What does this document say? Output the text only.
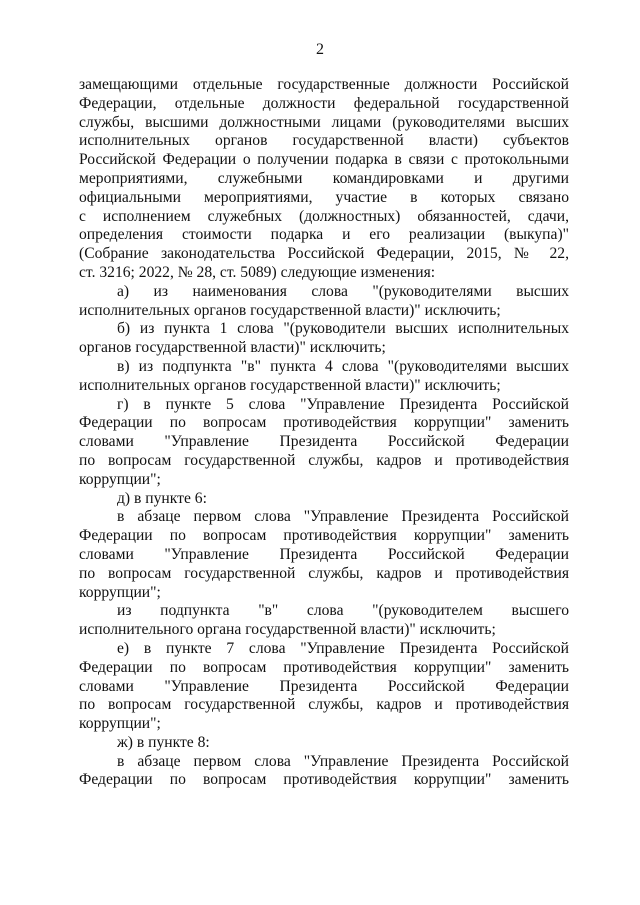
2
замещающими отдельные государственные должности Российской
Федерации, отдельные должности федеральной государственной
службы, высшими должностными лицами (руководителями высших
исполнительных органов государственной власти) субъектов
Российской Федерации о получении подарка в связи с протокольными
мероприятиями, служебными командировками и другими
официальными мероприятиями, участие в которых связано
с исполнением служебных (должностных) обязанностей, сдачи,
определения стоимости подарка и его реализации (выкупа)"
(Собрание законодательства Российской Федерации, 2015, № 22,
ст. 3216; 2022, № 28, ст. 5089) следующие изменения:
а) из наименования слова "(руководителями высших
исполнительных органов государственной власти)" исключить;
б) из пункта 1 слова "(руководители высших исполнительных
органов государственной власти)" исключить;
в) из подпункта "в" пункта 4 слова "(руководителями высших
исполнительных органов государственной власти)" исключить;
г) в пункте 5 слова "Управление Президента Российской
Федерации по вопросам противодействия коррупции" заменить
словами "Управление Президента Российской Федерации
по вопросам государственной службы, кадров и противодействия
коррупции";
д) в пункте 6:
в абзаце первом слова "Управление Президента Российской
Федерации по вопросам противодействия коррупции" заменить
словами "Управление Президента Российской Федерации
по вопросам государственной службы, кадров и противодействия
коррупции";
из подпункта "в" слова "(руководителем высшего
исполнительного органа государственной власти)" исключить;
е) в пункте 7 слова "Управление Президента Российской
Федерации по вопросам противодействия коррупции" заменить
словами "Управление Президента Российской Федерации
по вопросам государственной службы, кадров и противодействия
коррупции";
ж) в пункте 8:
в абзаце первом слова "Управление Президента Российской
Федерации по вопросам противодействия коррупции" заменить
